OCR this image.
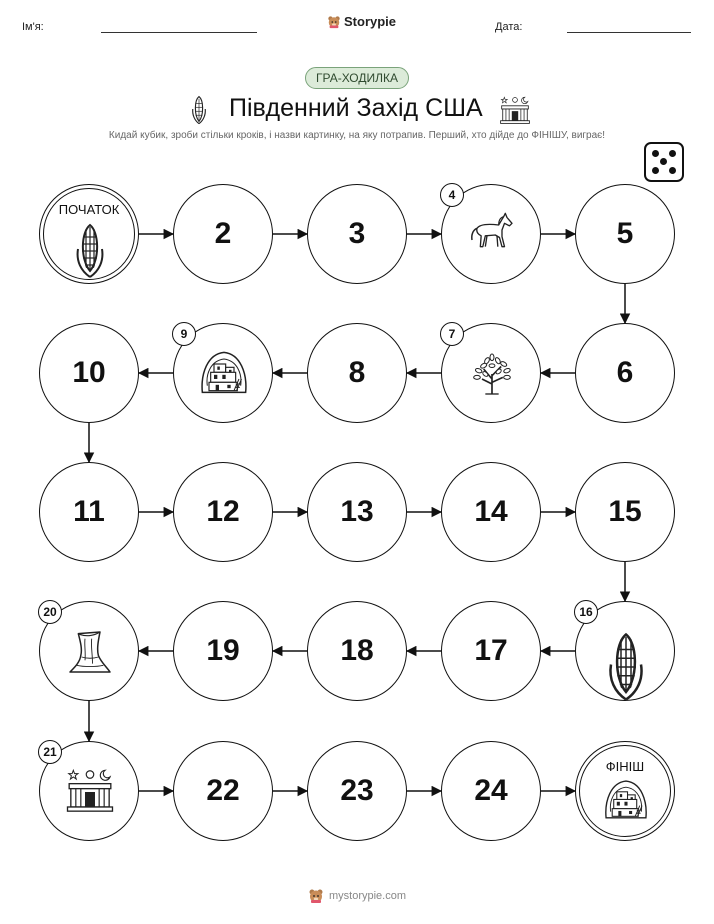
Ім'я:	Storypie	Дата:
ГРА-ХОДИЛКА
Південний Захід США
Кидай кубик, зроби стільки кроків, і назви картинку, на яку потрапив. Перший, хто дійде до ФІНІШУ, виграє!
ПОЧАТОК
2	3
4
5
6
7
8
9
10
11	12	13	14	15
16
17
18
19
20
21
22	23	24
ФІНІШ
mystorypie.com
